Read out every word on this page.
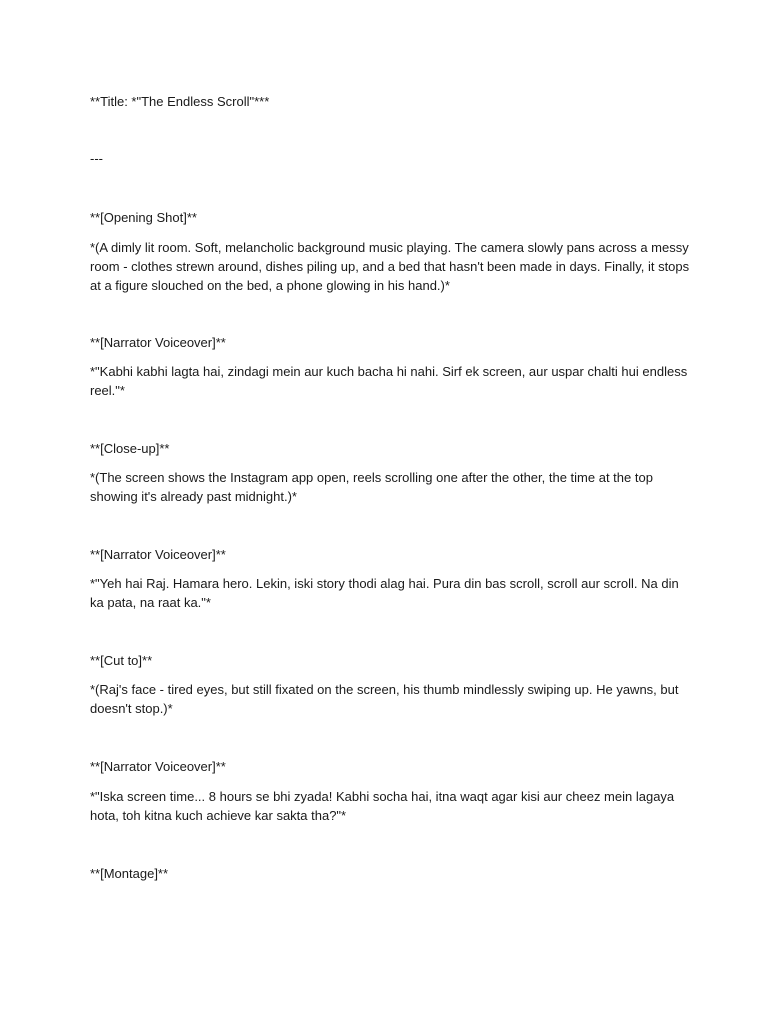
**Title: *"The Endless Scroll"***

---

**[Opening Shot]**

*(A dimly lit room. Soft, melancholic background music playing. The camera slowly pans across a messy room - clothes strewn around, dishes piling up, and a bed that hasn't been made in days. Finally, it stops at a figure slouched on the bed, a phone glowing in his hand.)*

**[Narrator Voiceover]**

*"Kabhi kabhi lagta hai, zindagi mein aur kuch bacha hi nahi. Sirf ek screen, aur uspar chalti hui endless reel."*

**[Close-up]**

*(The screen shows the Instagram app open, reels scrolling one after the other, the time at the top showing it's already past midnight.)*

**[Narrator Voiceover]**

*"Yeh hai Raj. Hamara hero. Lekin, iski story thodi alag hai. Pura din bas scroll, scroll aur scroll. Na din ka pata, na raat ka."*

**[Cut to]**

*(Raj's face - tired eyes, but still fixated on the screen, his thumb mindlessly swiping up. He yawns, but doesn't stop.)*

**[Narrator Voiceover]**

*"Iska screen time... 8 hours se bhi zyada! Kabhi socha hai, itna waqt agar kisi aur cheez mein lagaya hota, toh kitna kuch achieve kar sakta tha?"*

**[Montage]**
